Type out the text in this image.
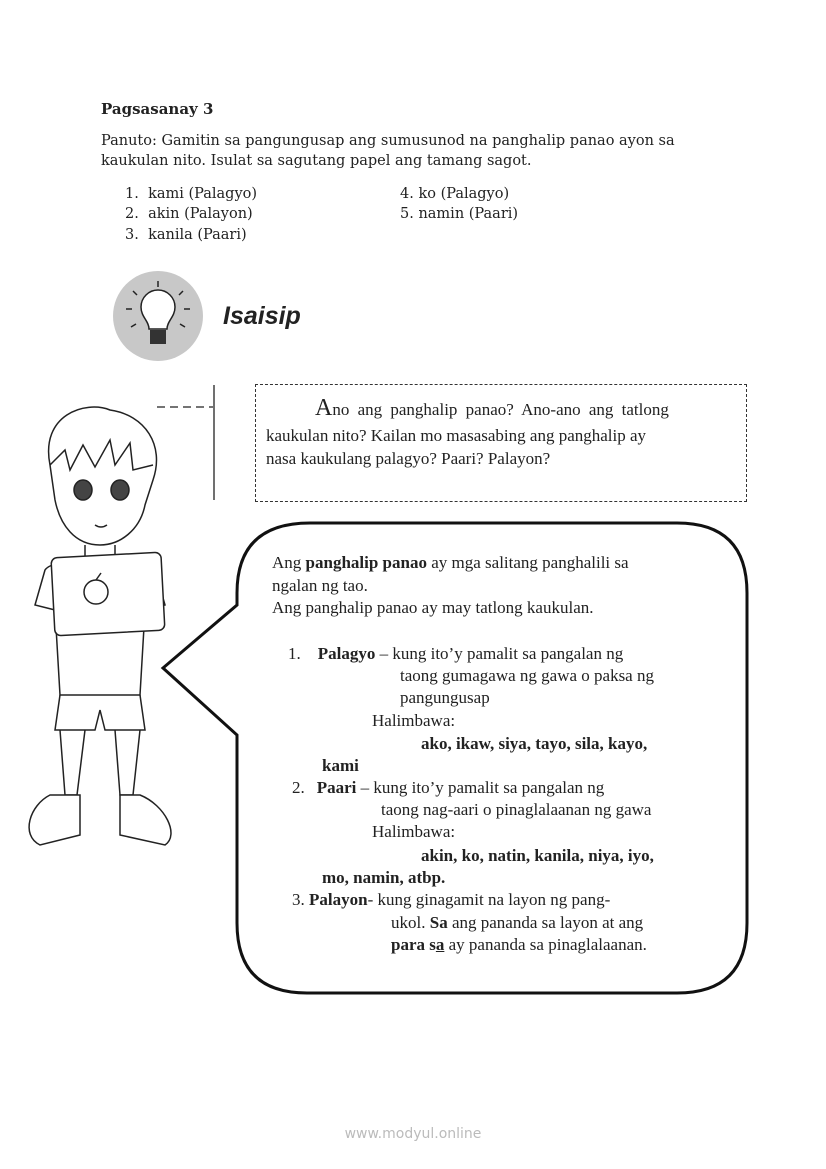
Pagsasanay 3
Panuto: Gamitin sa pangungusap ang sumusunod na panghalip panao ayon sa
kaukulan nito. Isulat sa sagutang papel ang tamang sagot.
1. kami (Palagyo)
2. akin (Palayon)
3. kanila (Paari)
4. ko (Palagyo)
5. namin (Paari)
Isaisip
Ano ang panghalip panao? Ano-ano ang tatlong
kaukulan nito? Kailan mo masasabing ang panghalip ay
nasa kaukulang palagyo? Paari? Palayon?
Ang panghalip panao ay mga salitang panghalili sa
ngalan ng tao.
Ang panghalip panao ay may tatlong kaukulan.
1. Palagyo – kung ito’y pamalit sa pangalan ng
taong gumagawa ng gawa o paksa ng
pangungusap
Halimbawa:
ako, ikaw, siya, tayo, sila, kayo,
kami
2. Paari – kung ito’y pamalit sa pangalan ng
taong nag-aari o pinaglalaanan ng gawa
Halimbawa:
akin, ko, natin, kanila, niya, iyo,
mo, namin, atbp.
3. Palayon- kung ginagamit na layon ng pang-
ukol. Sa ang pananda sa layon at ang
para sa ay pananda sa pinaglalaanan.
www.modyul.online
